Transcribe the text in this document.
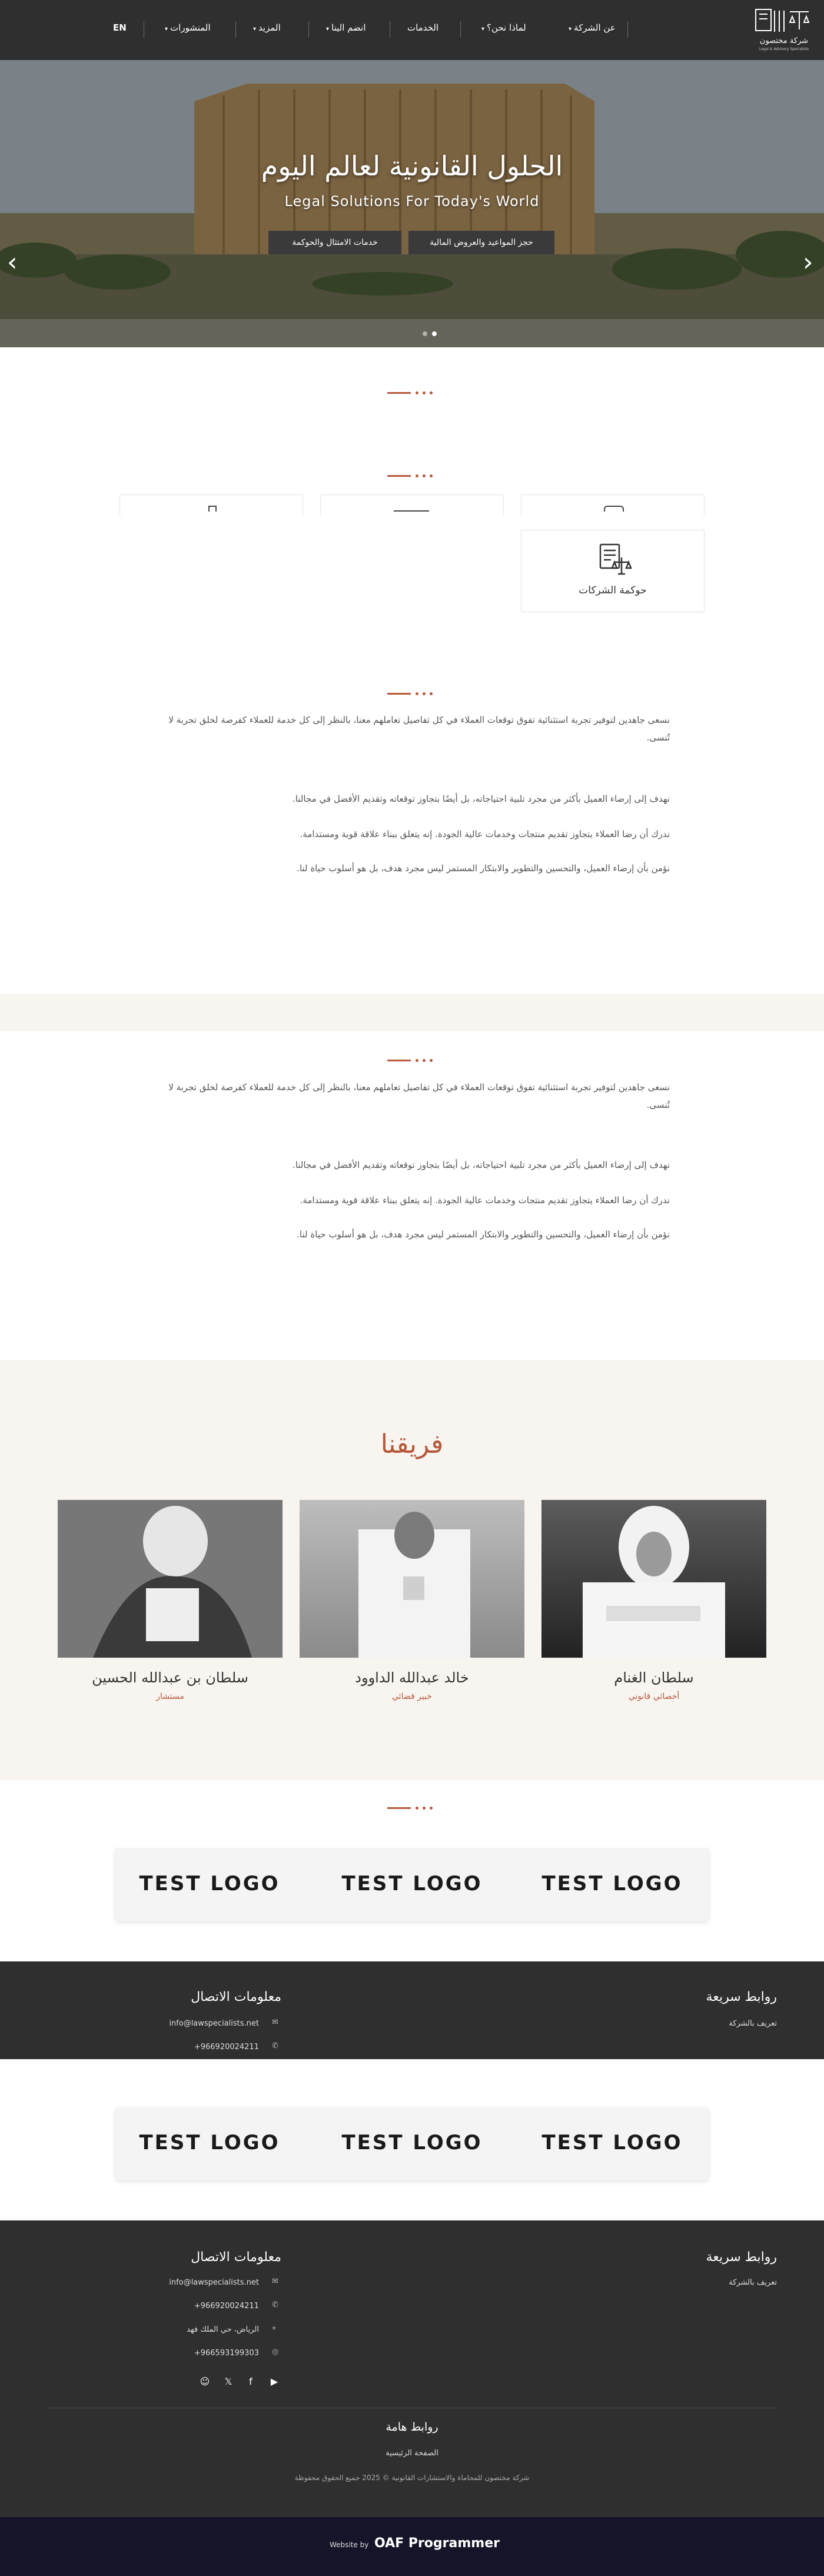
شركة مختصون
Legal & Advisory Specialists
▾ عن الشركة
▾ لماذا نحن؟
الخدمات
▾ انضم الينا
▾ المزيد
▾ المنشورات
EN
‹	›
الحلول القانونية لعالم اليوم
Legal Solutions For Today's World
حجز المواعيد والعروض المالية
خدمات الامتثال والحوكمة
حوكمة الشركات
نسعى جاهدين لتوفير تجربة استثنائية تفوق توقعات العملاء في كل تفاصيل تعاملهم معنا، بالنظر إلى كل خدمة للعملاء كفرصة لخلق تجربة لا تُنسى.
نهدف إلى إرضاء العميل بأكثر من مجرد تلبية احتياجاته، بل أيضًا بتجاوز توقعاته وتقديم الأفضل في مجالنا.
ندرك أن رضا العملاء يتجاوز تقديم منتجات وخدمات عالية الجودة. إنه يتعلق ببناء علاقة قوية ومستدامة.
نؤمن بأن إرضاء العميل، والتحسين والتطوير والابتكار المستمر ليس مجرد هدف، بل هو أسلوب حياة لنا.
نسعى جاهدين لتوفير تجربة استثنائية تفوق توقعات العملاء في كل تفاصيل تعاملهم معنا، بالنظر إلى كل خدمة للعملاء كفرصة لخلق تجربة لا تُنسى.
نهدف إلى إرضاء العميل بأكثر من مجرد تلبية احتياجاته، بل أيضًا بتجاوز توقعاته وتقديم الأفضل في مجالنا.
ندرك أن رضا العملاء يتجاوز تقديم منتجات وخدمات عالية الجودة. إنه يتعلق ببناء علاقة قوية ومستدامة.
نؤمن بأن إرضاء العميل، والتحسين والتطوير والابتكار المستمر ليس مجرد هدف، بل هو أسلوب حياة لنا.
فريقنا
سلطان الغنام
أخصائي قانوني
خالد عبدالله الداوود
خبير قضائي
سلطان بن عبدالله الحسين
مستشار
TEST LOGO	TEST LOGO	TEST LOGO
روابط سريعة
تعريف بالشركة
معلومات الاتصال
✉
info@lawspecialists.net
✆
+966920024211
TEST LOGO	TEST LOGO	TEST LOGO
روابط سريعة
تعريف بالشركة
معلومات الاتصال
✉
info@lawspecialists.net
✆
+966920024211
⌖
الرياض، حي الملك فهد
◎
+966593199303
▶
f
𝕏
☺
روابط هامة
الصفحة الرئيسية
شركة مختصون للمحاماة والاستشارات القانونية © 2025 جميع الحقوق محفوظة
Website by OAF Programmer
